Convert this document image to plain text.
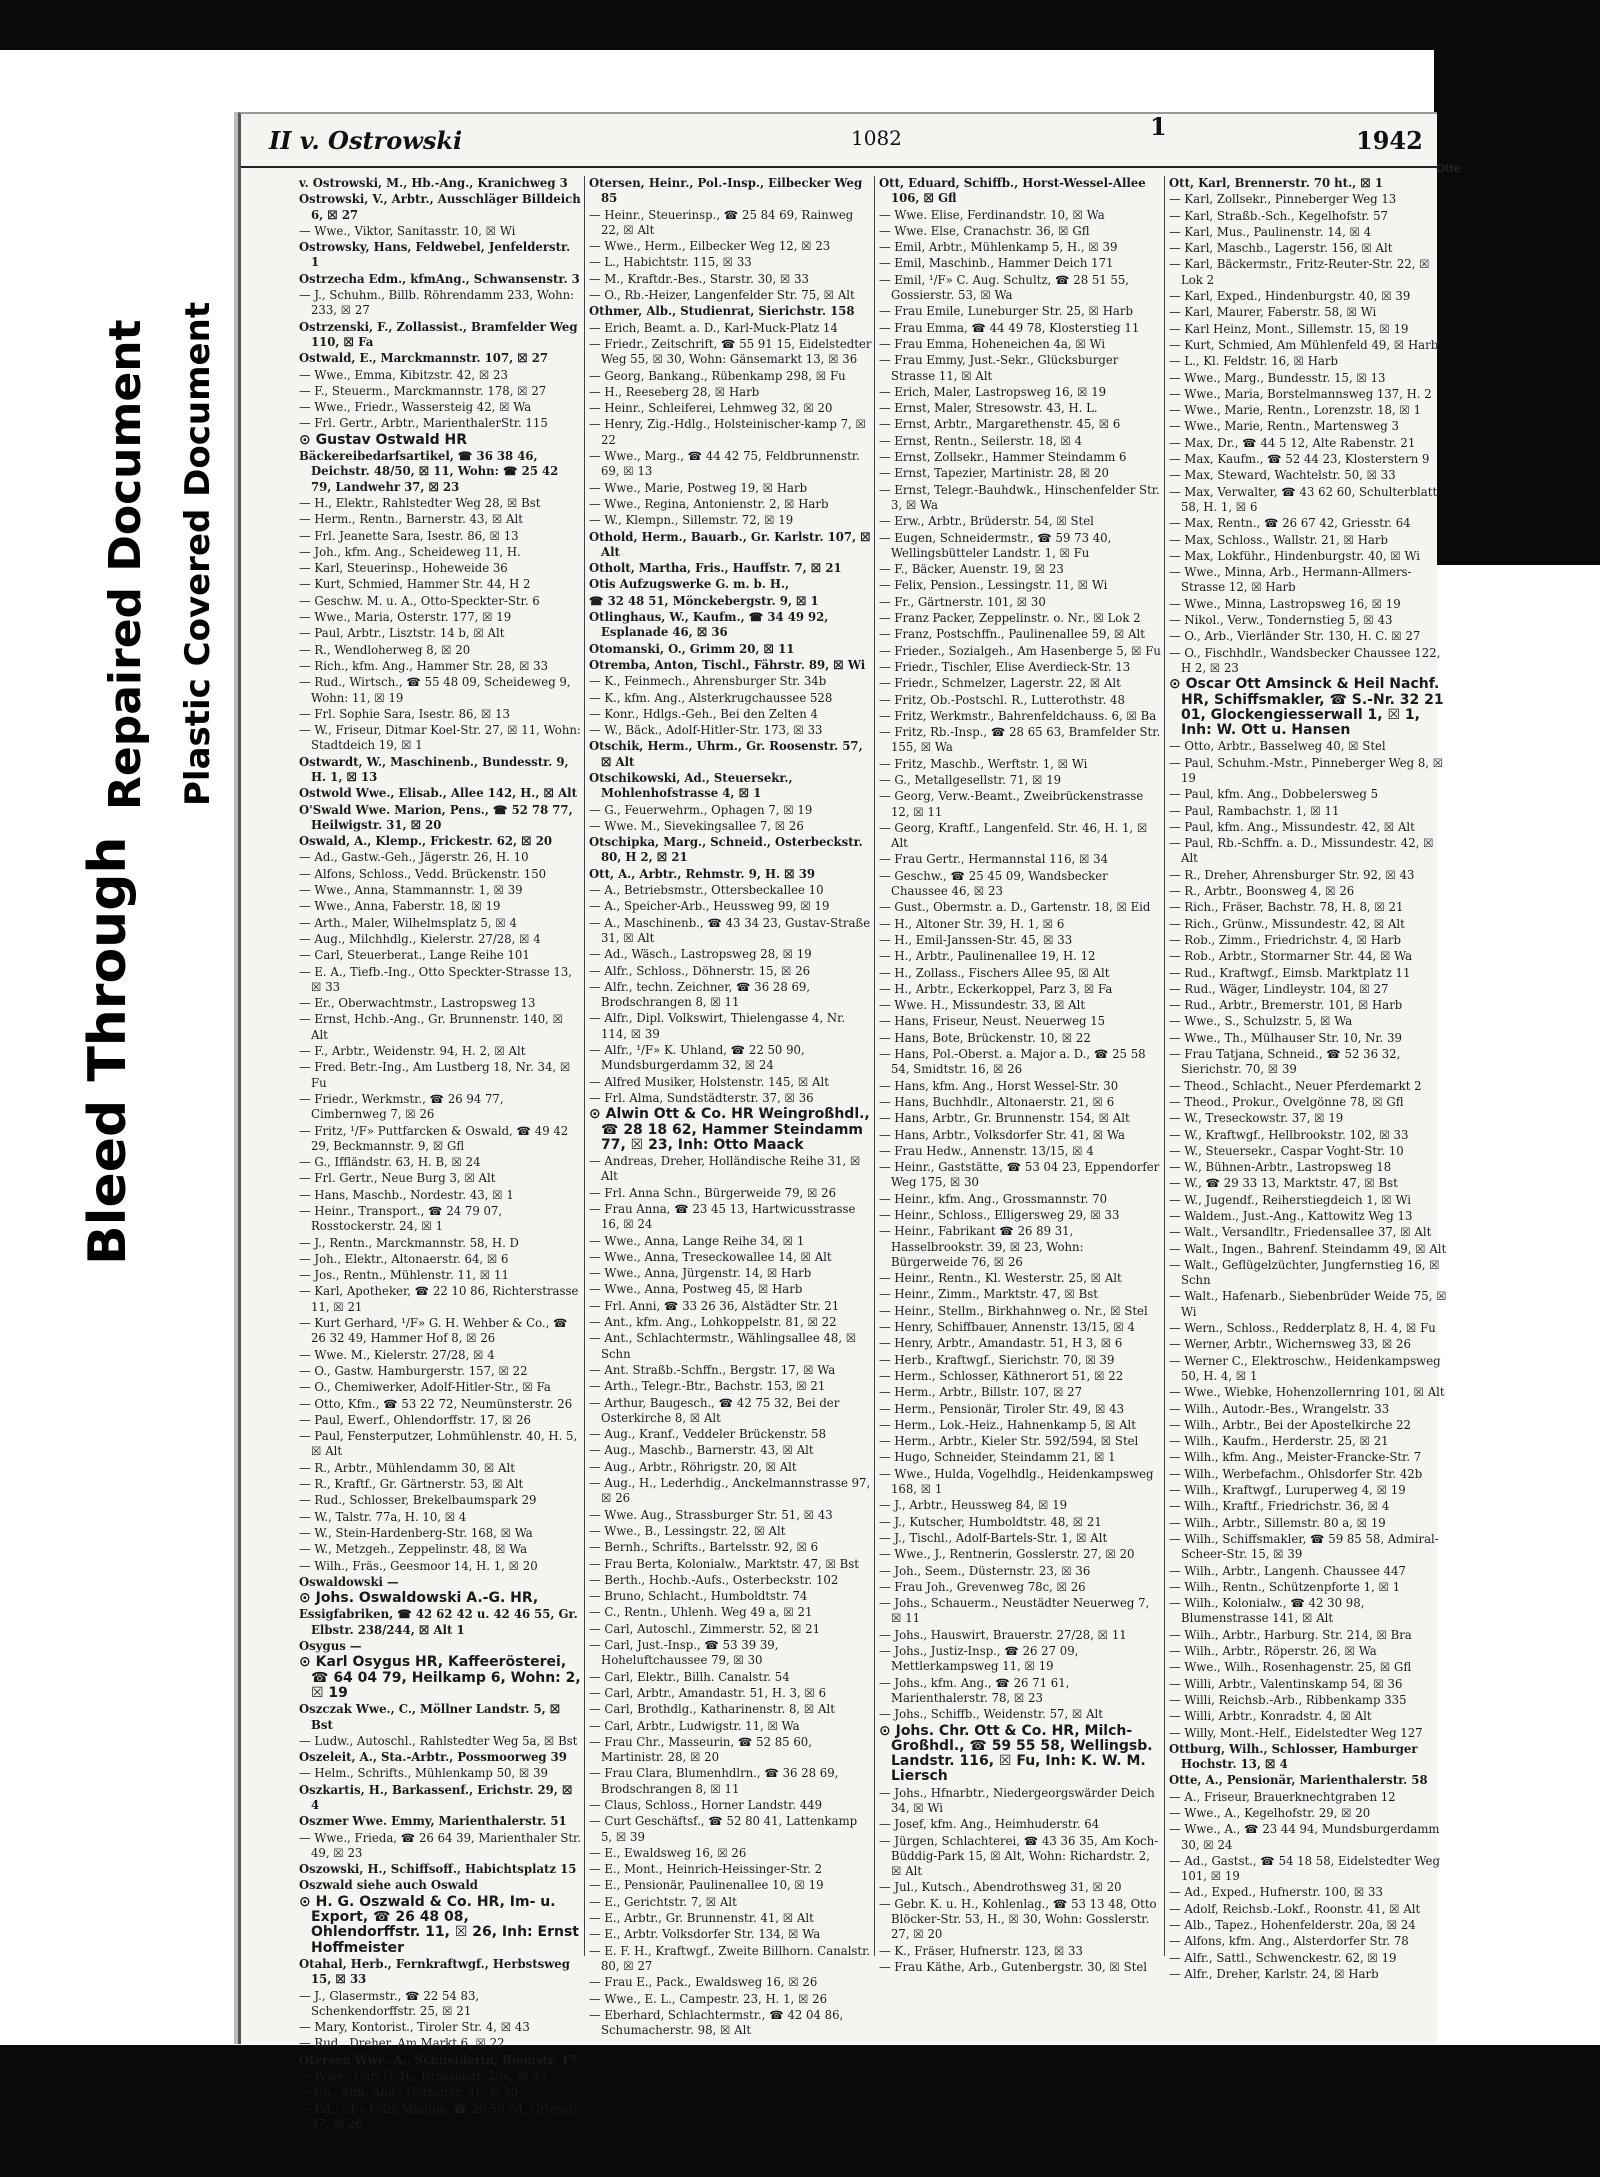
Bleed Through
Repaired Document Plastic Covered Document
II v. Ostrowski	1082	1942
v. Ostrowski, M., Hb.-Ang., Kranichweg 3
Ostrowski, V., Arbtr., Ausschläger Billdeich 6, ☒ 27
— Wwe., Viktor, Sanitasstr. 10, ☒ Wi
Ostrowsky, Hans, Feldwebel, Jenfelderstr. 1
Ostrzecha Edm., kfmAng., Schwansenstr. 3
— J., Schuhm., Billb. Röhrendamm 233, Wohn: 233, ☒ 27
Ostrzenski, F., Zollassist., Bramfelder Weg 110, ☒ Fa
Ostwald, E., Marckmannstr. 107, ☒ 27
— Wwe., Emma, Kibitzstr. 42, ☒ 23
— F., Steuerm., Marckmannstr. 178, ☒ 27
— Wwe., Friedr., Wassersteig 42, ☒ Wa
— Frl. Gertr., Arbtr., MarienthalerStr. 115
⊙ Gustav Ostwald HR
Bäckereibedarfsartikel, ☎ 36 38 46, Deichstr. 48/50, ☒ 11, Wohn: ☎ 25 42 79, Landwehr 37, ☒ 23
— H., Elektr., Rahlstedter Weg 28, ☒ Bst
— Herm., Rentn., Barnerstr. 43, ☒ Alt
— Frl. Jeanette Sara, Isestr. 86, ☒ 13
— Joh., kfm. Ang., Scheideweg 11, H.
— Karl, Steuerinsp., Hoheweide 36
— Kurt, Schmied, Hammer Str. 44, H 2
— Geschw. M. u. A., Otto-Speckter-Str. 6
— Wwe., Maria, Osterstr. 177, ☒ 19
— Paul, Arbtr., Lisztstr. 14 b, ☒ Alt
— R., Wendloherweg 8, ☒ 20
— Rich., kfm. Ang., Hammer Str. 28, ☒ 33
— Rud., Wirtsch., ☎ 55 48 09, Scheideweg 9, Wohn: 11, ☒ 19
— Frl. Sophie Sara, Isestr. 86, ☒ 13
— W., Friseur, Ditmar Koel-Str. 27, ☒ 11, Wohn: Stadtdeich 19, ☒ 1
Ostwardt, W., Maschinenb., Bundesstr. 9, H. 1, ☒ 13
Ostwold Wwe., Elisab., Allee 142, H., ☒ Alt
O'Swald Wwe. Marion, Pens., ☎ 52 78 77, Heilwigstr. 31, ☒ 20
Oswald, A., Klemp., Frickestr. 62, ☒ 20
— Ad., Gastw.-Geh., Jägerstr. 26, H. 10
— Alfons, Schloss., Vedd. Brückenstr. 150
— Wwe., Anna, Stammannstr. 1, ☒ 39
— Wwe., Anna, Faberstr. 18, ☒ 19
— Arth., Maler, Wilhelmsplatz 5, ☒ 4
— Aug., Milchhdlg., Kielerstr. 27/28, ☒ 4
— Carl, Steuerberat., Lange Reihe 101
— E. A., Tiefb.-Ing., Otto Speckter-Strasse 13, ☒ 33
— Er., Oberwachtmstr., Lastropsweg 13
— Ernst, Hchb.-Ang., Gr. Brunnenstr. 140, ☒ Alt
— F., Arbtr., Weidenstr. 94, H. 2, ☒ Alt
— Fred. Betr.-Ing., Am Lustberg 18, Nr. 34, ☒ Fu
— Friedr., Werkmstr., ☎ 26 94 77, Cimbernweg 7, ☒ 26
— Fritz, ¹/F» Puttfarcken & Oswald, ☎ 49 42 29, Beckmannstr. 9, ☒ Gfl
— G., Iffländstr. 63, H. B, ☒ 24
— Frl. Gertr., Neue Burg 3, ☒ Alt
— Hans, Maschb., Nordestr. 43, ☒ 1
— Heinr., Transport., ☎ 24 79 07, Rosstockerstr. 24, ☒ 1
— J., Rentn., Marckmannstr. 58, H. D
— Joh., Elektr., Altonaerstr. 64, ☒ 6
— Jos., Rentn., Mühlenstr. 11, ☒ 11
— Karl, Apotheker, ☎ 22 10 86, Richterstrasse 11, ☒ 21
— Kurt Gerhard, ¹/F» G. H. Wehber & Co., ☎ 26 32 49, Hammer Hof 8, ☒ 26
— Wwe. M., Kielerstr. 27/28, ☒ 4
— O., Gastw. Hamburgerstr. 157, ☒ 22
— O., Chemiwerker, Adolf-Hitler-Str., ☒ Fa
— Otto, Kfm., ☎ 53 22 72, Neumünsterstr. 26
— Paul, Ewerf., Ohlendorffstr. 17, ☒ 26
— Paul, Fensterputzer, Lohmühlenstr. 40, H. 5, ☒ Alt
— R., Arbtr., Mühlendamm 30, ☒ Alt
— R., Kraftf., Gr. Gärtnerstr. 53, ☒ Alt
— Rud., Schlosser, Brekelbaumspark 29
— W., Talstr. 77a, H. 10, ☒ 4
— W., Stein-Hardenberg-Str. 168, ☒ Wa
— W., Metzgeh., Zeppelinstr. 48, ☒ Wa
— Wilh., Fräs., Geesmoor 14, H. 1, ☒ 20
Oswaldowski —
⊙ Johs. Oswaldowski A.-G. HR,
Essigfabriken, ☎ 42 62 42 u. 42 46 55, Gr. Elbstr. 238/244, ☒ Alt 1
Osygus —
⊙ Karl Osygus HR, Kaffeerösterei, ☎ 64 04 79, Heilkamp 6, Wohn: 2, ☒ 19
Oszczak Wwe., C., Möllner Landstr. 5, ☒ Bst
— Ludw., Autoschl., Rahlstedter Weg 5a, ☒ Bst
Oszeleit, A., Sta.-Arbtr., Possmoorweg 39
— Helm., Schrifts., Mühlenkamp 50, ☒ 39
Oszkartis, H., Barkassenf., Erichstr. 29, ☒ 4
Oszmer Wwe. Emmy, Marienthalerstr. 51
— Wwe., Frieda, ☎ 26 64 39, Marienthaler Str. 49, ☒ 23
Oszowski, H., Schiffsoff., Habichtsplatz 15
Oszwald siehe auch Oswald
⊙ H. G. Oszwald & Co. HR, Im- u. Export, ☎ 26 48 08, Ohlendorffstr. 11, ☒ 26, Inh: Ernst Hoffmeister
Otahal, Herb., Fernkraftwgf., Herbstsweg 15, ☒ 33
— J., Glasermstr., ☎ 22 54 83, Schenkendorffstr. 25, ☒ 21
— Mary, Kontorist., Tiroler Str. 4, ☒ 43
— Rud., Dreher, Am Markt 6, ☒ 22
Otersen Wwe. A., Schneiderin, Roonstr. 17
— Wwe., Carl G. H., Drosselstr. 29a, ☒ 33
— Ch., kfm. Ang., Gertigstr. 31, ☒ 39
— Ed., ¹/F» Felix Mindus, ☎ 26 59 54, Griesstr. 47, ☒ 26
Otersen, Heinr., Pol.-Insp., Eilbecker Weg 85
— Heinr., Steuerinsp., ☎ 25 84 69, Rainweg 22, ☒ Alt
— Wwe., Herm., Eilbecker Weg 12, ☒ 23
— L., Habichtstr. 115, ☒ 33
— M., Kraftdr.-Bes., Starstr. 30, ☒ 33
— O., Rb.-Heizer, Langenfelder Str. 75, ☒ Alt
Othmer, Alb., Studienrat, Sierichstr. 158
— Erich, Beamt. a. D., Karl-Muck-Platz 14
— Friedr., Zeitschrift, ☎ 55 91 15, Eidelstedter Weg 55, ☒ 30, Wohn: Gänsemarkt 13, ☒ 36
— Georg, Bankang., Rübenkamp 298, ☒ Fu
— H., Reeseberg 28, ☒ Harb
— Heinr., Schleiferei, Lehmweg 32, ☒ 20
— Henry, Zig.-Hdlg., Holsteinischer-kamp 7, ☒ 22
— Wwe., Marg., ☎ 44 42 75, Feldbrunnenstr. 69, ☒ 13
— Wwe., Marie, Postweg 19, ☒ Harb
— Wwe., Regina, Antonienstr. 2, ☒ Harb
— W., Klempn., Sillemstr. 72, ☒ 19
Othold, Herm., Bauarb., Gr. Karlstr. 107, ☒ Alt
Otholt, Martha, Fris., Hauffstr. 7, ☒ 21
Otis Aufzugswerke G. m. b. H.,
☎ 32 48 51, Mönckebergstr. 9, ☒ 1
Otlinghaus, W., Kaufm., ☎ 34 49 92, Esplanade 46, ☒ 36
Otomanski, O., Grimm 20, ☒ 11
Otremba, Anton, Tischl., Fährstr. 89, ☒ Wi
— K., Feinmech., Ahrensburger Str. 34b
— K., kfm. Ang., Alsterkrugchaussee 528
— Konr., Hdlgs.-Geh., Bei den Zelten 4
— W., Bäck., Adolf-Hitler-Str. 173, ☒ 33
Otschik, Herm., Uhrm., Gr. Roosenstr. 57, ☒ Alt
Otschikowski, Ad., Steuersekr., Mohlenhofstrasse 4, ☒ 1
— G., Feuerwehrm., Ophagen 7, ☒ 19
— Wwe. M., Sievekingsallee 7, ☒ 26
Otschipka, Marg., Schneid., Osterbeckstr. 80, H 2, ☒ 21
Ott, A., Arbtr., Rehmstr. 9, H. ☒ 39
— A., Betriebsmstr., Ottersbeckallee 10
— A., Speicher-Arb., Heussweg 99, ☒ 19
— A., Maschinenb., ☎ 43 34 23, Gustav-Straße 31, ☒ Alt
— Ad., Wäsch., Lastropsweg 28, ☒ 19
— Alfr., Schloss., Döhnerstr. 15, ☒ 26
— Alfr., techn. Zeichner, ☎ 36 28 69, Brodschrangen 8, ☒ 11
— Alfr., Dipl. Volkswirt, Thielengasse 4, Nr. 114, ☒ 39
— Alfr., ¹/F» K. Uhland, ☎ 22 50 90, Mundsburgerdamm 32, ☒ 24
— Alfred Musiker, Holstenstr. 145, ☒ Alt
— Frl. Alma, Sundstädterstr. 37, ☒ 36
⊙ Alwin Ott & Co. HR Weingroßhdl., ☎ 28 18 62, Hammer Steindamm 77, ☒ 23, Inh: Otto Maack
— Andreas, Dreher, Holländische Reihe 31, ☒ Alt
— Frl. Anna Schn., Bürgerweide 79, ☒ 26
— Frau Anna, ☎ 23 45 13, Hartwicusstrasse 16, ☒ 24
— Wwe., Anna, Lange Reihe 34, ☒ 1
— Wwe., Anna, Treseckowallee 14, ☒ Alt
— Wwe., Anna, Jürgenstr. 14, ☒ Harb
— Wwe., Anna, Postweg 45, ☒ Harb
— Frl. Anni, ☎ 33 26 36, Alstädter Str. 21
— Ant., kfm. Ang., Lohkoppelstr. 81, ☒ 22
— Ant., Schlachtermstr., Wählingsallee 48, ☒ Schn
— Ant. Straßb.-Schffn., Bergstr. 17, ☒ Wa
— Arth., Telegr.-Btr., Bachstr. 153, ☒ 21
— Arthur, Baugesch., ☎ 42 75 32, Bei der Osterkirche 8, ☒ Alt
— Aug., Kranf., Veddeler Brückenstr. 58
— Aug., Maschb., Barnerstr. 43, ☒ Alt
— Aug., Arbtr., Röhrigstr. 20, ☒ Alt
— Aug., H., Lederhdig., Anckelmannstrasse 97, ☒ 26
— Wwe. Aug., Strassburger Str. 51, ☒ 43
— Wwe., B., Lessingstr. 22, ☒ Alt
— Bernh., Schrifts., Bartelsstr. 92, ☒ 6
— Frau Berta, Kolonialw., Marktstr. 47, ☒ Bst
— Berth., Hochb.-Aufs., Osterbeckstr. 102
— Bruno, Schlacht., Humboldtstr. 74
— C., Rentn., Uhlenh. Weg 49 a, ☒ 21
— Carl, Autoschl., Zimmerstr. 52, ☒ 21
— Carl, Just.-Insp., ☎ 53 39 39, Hoheluftchaussee 79, ☒ 30
— Carl, Elektr., Billh. Canalstr. 54
— Carl, Arbtr., Amandastr. 51, H. 3, ☒ 6
— Carl, Brothdlg., Katharinenstr. 8, ☒ Alt
— Carl, Arbtr., Ludwigstr. 11, ☒ Wa
— Frau Chr., Masseurin, ☎ 52 85 60, Martinistr. 28, ☒ 20
— Frau Clara, Blumenhdlrn., ☎ 36 28 69, Brodschrangen 8, ☒ 11
— Claus, Schloss., Horner Landstr. 449
— Curt Geschäftsf., ☎ 52 80 41, Lattenkamp 5, ☒ 39
— E., Ewaldsweg 16, ☒ 26
— E., Mont., Heinrich-Heissinger-Str. 2
— E., Pensionär, Paulinenallee 10, ☒ 19
— E., Gerichtstr. 7, ☒ Alt
— E., Arbtr., Gr. Brunnenstr. 41, ☒ Alt
— E., Arbtr. Volksdorfer Str. 134, ☒ Wa
— E. F. H., Kraftwgf., Zweite Billhorn. Canalstr. 80, ☒ 27
— Frau E., Pack., Ewaldsweg 16, ☒ 26
— Wwe., E. L., Campestr. 23, H. 1, ☒ 26
— Eberhard, Schlachtermstr., ☎ 42 04 86, Schumacherstr. 98, ☒ Alt
Ott, Eduard, Schiffb., Horst-Wessel-Allee 106, ☒ Gfl
— Wwe. Elise, Ferdinandstr. 10, ☒ Wa
— Wwe. Else, Cranachstr. 36, ☒ Gfl
— Emil, Arbtr., Mühlenkamp 5, H., ☒ 39
— Emil, Maschinb., Hammer Deich 171
— Emil, ¹/F» C. Aug. Schultz, ☎ 28 51 55, Gossierstr. 53, ☒ Wa
— Frau Emile, Luneburger Str. 25, ☒ Harb
— Frau Emma, ☎ 44 49 78, Klosterstieg 11
— Frau Emma, Hoheneichen 4a, ☒ Wi
— Frau Emmy, Just.-Sekr., Glücksburger Strasse 11, ☒ Alt
— Erich, Maler, Lastropsweg 16, ☒ 19
— Ernst, Maler, Stresowstr. 43, H. L.
— Ernst, Arbtr., Margarethenstr. 45, ☒ 6
— Ernst, Rentn., Seilerstr. 18, ☒ 4
— Ernst, Zollsekr., Hammer Steindamm 6
— Ernst, Tapezier, Martinistr. 28, ☒ 20
— Ernst, Telegr.-Bauhdwk., Hinschenfelder Str. 3, ☒ Wa
— Erw., Arbtr., Brüderstr. 54, ☒ Stel
— Eugen, Schneidermstr., ☎ 59 73 40, Wellingsbütteler Landstr. 1, ☒ Fu
— F., Bäcker, Auenstr. 19, ☒ 23
— Felix, Pension., Lessingstr. 11, ☒ Wi
— Fr., Gärtnerstr. 101, ☒ 30
— Franz Packer, Zeppelinstr. o. Nr., ☒ Lok 2
— Franz, Postschffn., Paulinenallee 59, ☒ Alt
— Frieder., Sozialgeh., Am Hasenberge 5, ☒ Fu
— Friedr., Tischler, Elise Averdieck-Str. 13
— Friedr., Schmelzer, Lagerstr. 22, ☒ Alt
— Fritz, Ob.-Postschl. R., Lutterothstr. 48
— Fritz, Werkmstr., Bahrenfeldchauss. 6, ☒ Ba
— Fritz, Rb.-Insp., ☎ 28 65 63, Bramfelder Str. 155, ☒ Wa
— Fritz, Maschb., Werftstr. 1, ☒ Wi
— G., Metallgesellstr. 71, ☒ 19
— Georg, Verw.-Beamt., Zweibrückenstrasse 12, ☒ 11
— Georg, Kraftf., Langenfeld. Str. 46, H. 1, ☒ Alt
— Frau Gertr., Hermannstal 116, ☒ 34
— Geschw., ☎ 25 45 09, Wandsbecker Chaussee 46, ☒ 23
— Gust., Obermstr. a. D., Gartenstr. 18, ☒ Eid
— H., Altoner Str. 39, H. 1, ☒ 6
— H., Emil-Janssen-Str. 45, ☒ 33
— H., Arbtr., Paulinenallee 19, H. 12
— H., Zollass., Fischers Allee 95, ☒ Alt
— H., Arbtr., Eckerkoppel, Parz 3, ☒ Fa
— Wwe. H., Missundestr. 33, ☒ Alt
— Hans, Friseur, Neust. Neuerweg 15
— Hans, Bote, Brückenstr. 10, ☒ 22
— Hans, Pol.-Oberst. a. Major a. D., ☎ 25 58 54, Smidtstr. 16, ☒ 26
— Hans, kfm. Ang., Horst Wessel-Str. 30
— Hans, Buchhdlr., Altonaerstr. 21, ☒ 6
— Hans, Arbtr., Gr. Brunnenstr. 154, ☒ Alt
— Hans, Arbtr., Volksdorfer Str. 41, ☒ Wa
— Frau Hedw., Annenstr. 13/15, ☒ 4
— Heinr., Gaststätte, ☎ 53 04 23, Eppendorfer Weg 175, ☒ 30
— Heinr., kfm. Ang., Grossmannstr. 70
— Heinr., Schloss., Elligersweg 29, ☒ 33
— Heinr., Fabrikant ☎ 26 89 31, Hasselbrookstr. 39, ☒ 23, Wohn: Bürgerweide 76, ☒ 26
— Heinr., Rentn., Kl. Westerstr. 25, ☒ Alt
— Heinr., Zimm., Marktstr. 47, ☒ Bst
— Heinr., Stellm., Birkhahnweg o. Nr., ☒ Stel
— Henry, Schiffbauer, Annenstr. 13/15, ☒ 4
— Henry, Arbtr., Amandastr. 51, H 3, ☒ 6
— Herb., Kraftwgf., Sierichstr. 70, ☒ 39
— Herm., Schlosser, Käthnerort 51, ☒ 22
— Herm., Arbtr., Billstr. 107, ☒ 27
— Herm., Pensionär, Tiroler Str. 49, ☒ 43
— Herm., Lok.-Heiz., Hahnenkamp 5, ☒ Alt
— Herm., Arbtr., Kieler Str. 592/594, ☒ Stel
— Hugo, Schneider, Steindamm 21, ☒ 1
— Wwe., Hulda, Vogelhdlg., Heidenkampsweg 168, ☒ 1
— J., Arbtr., Heussweg 84, ☒ 19
— J., Kutscher, Humboldtstr. 48, ☒ 21
— J., Tischl., Adolf-Bartels-Str. 1, ☒ Alt
— Wwe., J., Rentnerin, Gosslerstr. 27, ☒ 20
— Joh., Seem., Düsternstr. 23, ☒ 36
— Frau Joh., Grevenweg 78c, ☒ 26
— Johs., Schauerm., Neustädter Neuerweg 7, ☒ 11
— Johs., Hauswirt, Brauerstr. 27/28, ☒ 11
— Johs., Justiz-Insp., ☎ 26 27 09, Mettlerkampsweg 11, ☒ 19
— Johs., kfm. Ang., ☎ 26 71 61, Marienthalerstr. 78, ☒ 23
— Johs., Schiffb., Weidenstr. 57, ☒ Alt
⊙ Johs. Chr. Ott & Co. HR, Milch-Großhdl., ☎ 59 55 58, Wellingsb. Landstr. 116, ☒ Fu, Inh: K. W. M. Liersch
— Johs., Hfnarbtr., Niedergeorgswärder Deich 34, ☒ Wi
— Josef, kfm. Ang., Heimhuderstr. 64
— Jürgen, Schlachterei, ☎ 43 36 35, Am Koch-Büddig-Park 15, ☒ Alt, Wohn: Richardstr. 2, ☒ Alt
— Jul., Kutsch., Abendrothsweg 31, ☒ 20
— Gebr. K. u. H., Kohlenlag., ☎ 53 13 48, Otto Blöcker-Str. 53, H., ☒ 30, Wohn: Gosslerstr. 27, ☒ 20
— K., Fräser, Hufnerstr. 123, ☒ 33
— Frau Käthe, Arb., Gutenbergstr. 30, ☒ Stel
Ott, Karl, Brennerstr. 70 ht., ☒ 1
— Karl, Zollsekr., Pinneberger Weg 13
— Karl, Straßb.-Sch., Kegelhofstr. 57
— Karl, Mus., Paulinenstr. 14, ☒ 4
— Karl, Maschb., Lagerstr. 156, ☒ Alt
— Karl, Bäckermstr., Fritz-Reuter-Str. 22, ☒ Lok 2
— Karl, Exped., Hindenburgstr. 40, ☒ 39
— Karl, Maurer, Faberstr. 58, ☒ Wi
— Karl Heinz, Mont., Sillemstr. 15, ☒ 19
— Kurt, Schmied, Am Mühlenfeld 49, ☒ Harb
— L., Kl. Feldstr. 16, ☒ Harb
— Wwe., Marg., Bundesstr. 15, ☒ 13
— Wwe., Maria, Borstelmannsweg 137, H. 2
— Wwe., Marie, Rentn., Lorenzstr. 18, ☒ 1
— Wwe., Marie, Rentn., Martensweg 3
— Max, Dr., ☎ 44 5 12, Alte Rabenstr. 21
— Max, Kaufm., ☎ 52 44 23, Klosterstern 9
— Max, Steward, Wachtelstr. 50, ☒ 33
— Max, Verwalter, ☎ 43 62 60, Schulterblatt 58, H. 1, ☒ 6
— Max, Rentn., ☎ 26 67 42, Griesstr. 64
— Max, Schloss., Wallstr. 21, ☒ Harb
— Max, Lokführ., Hindenburgstr. 40, ☒ Wi
— Wwe., Minna, Arb., Hermann-Allmers-Strasse 12, ☒ Harb
— Wwe., Minna, Lastropsweg 16, ☒ 19
— Nikol., Verw., Tondernstieg 5, ☒ 43
— O., Arb., Vierländer Str. 130, H. C. ☒ 27
— O., Fischhdlr., Wandsbecker Chaussee 122, H 2, ☒ 23
⊙ Oscar Ott Amsinck & Heil Nachf. HR, Schiffsmakler, ☎ S.-Nr. 32 21 01, Glockengiesserwall 1, ☒ 1, Inh: W. Ott u. Hansen
— Otto, Arbtr., Basselweg 40, ☒ Stel
— Paul, Schuhm.-Mstr., Pinneberger Weg 8, ☒ 19
— Paul, kfm. Ang., Dobbelersweg 5
— Paul, Rambachstr. 1, ☒ 11
— Paul, kfm. Ang., Missundestr. 42, ☒ Alt
— Paul, Rb.-Schffn. a. D., Missundestr. 42, ☒ Alt
— R., Dreher, Ahrensburger Str. 92, ☒ 43
— R., Arbtr., Boonsweg 4, ☒ 26
— Rich., Fräser, Bachstr. 78, H. 8, ☒ 21
— Rich., Grünw., Missundestr. 42, ☒ Alt
— Rob., Zimm., Friedrichstr. 4, ☒ Harb
— Rob., Arbtr., Stormarner Str. 44, ☒ Wa
— Rud., Kraftwgf., Eimsb. Marktplatz 11
— Rud., Wäger, Lindleystr. 104, ☒ 27
— Rud., Arbtr., Bremerstr. 101, ☒ Harb
— Wwe., S., Schulzstr. 5, ☒ Wa
— Wwe., Th., Mülhauser Str. 10, Nr. 39
— Frau Tatjana, Schneid., ☎ 52 36 32, Sierichstr. 70, ☒ 39
— Theod., Schlacht., Neuer Pferdemarkt 2
— Theod., Prokur., Ovelgönne 78, ☒ Gfl
— W., Treseckowstr. 37, ☒ 19
— W., Kraftwgf., Hellbrookstr. 102, ☒ 33
— W., Steuersekr., Caspar Voght-Str. 10
— W., Bühnen-Arbtr., Lastropsweg 18
— W., ☎ 29 33 13, Marktstr. 47, ☒ Bst
— W., Jugendf., Reiherstiegdeich 1, ☒ Wi
— Waldem., Just.-Ang., Kattowitz Weg 13
— Walt., Versandltr., Friedensallee 37, ☒ Alt
— Walt., Ingen., Bahrenf. Steindamm 49, ☒ Alt
— Walt., Geflügelzüchter, Jungfernstieg 16, ☒ Schn
— Walt., Hafenarb., Siebenbrüder Weide 75, ☒ Wi
— Wern., Schloss., Redderplatz 8, H. 4, ☒ Fu
— Werner, Arbtr., Wichernsweg 33, ☒ 26
— Werner C., Elektroschw., Heidenkampsweg 50, H. 4, ☒ 1
— Wwe., Wiebke, Hohenzollernring 101, ☒ Alt
— Wilh., Autodr.-Bes., Wrangelstr. 33
— Wilh., Arbtr., Bei der Apostelkirche 22
— Wilh., Kaufm., Herderstr. 25, ☒ 21
— Wilh., kfm. Ang., Meister-Francke-Str. 7
— Wilh., Werbefachm., Ohlsdorfer Str. 42b
— Wilh., Kraftwgf., Luruperweg 4, ☒ 19
— Wilh., Kraftf., Friedrichstr. 36, ☒ 4
— Wilh., Arbtr., Sillemstr. 80 a, ☒ 19
— Wilh., Schiffsmakler, ☎ 59 85 58, Admiral-Scheer-Str. 15, ☒ 39
— Wilh., Arbtr., Langenh. Chaussee 447
— Wilh., Rentn., Schützenpforte 1, ☒ 1
— Wilh., Kolonialw., ☎ 42 30 98, Blumenstrasse 141, ☒ Alt
— Wilh., Arbtr., Harburg. Str. 214, ☒ Bra
— Wilh., Arbtr., Röperstr. 26, ☒ Wa
— Wwe., Wilh., Rosenhagenstr. 25, ☒ Gfl
— Willi, Arbtr., Valentinskamp 54, ☒ 36
— Willi, Reichsb.-Arb., Ribbenkamp 335
— Willi, Arbtr., Konradstr. 4, ☒ Alt
— Willy, Mont.-Helf., Eidelstedter Weg 127
Ottburg, Wilh., Schlosser, Hamburger Hochstr. 13, ☒ 4
Otte, A., Pensionär, Marienthalerstr. 58
— A., Friseur, Brauerknechtgraben 12
— Wwe., A., Kegelhofstr. 29, ☒ 20
— Wwe., A., ☎ 23 44 94, Mundsburgerdamm 30, ☒ 24
— Ad., Gastst., ☎ 54 18 58, Eidelstedter Weg 101, ☒ 19
— Ad., Exped., Hufnerstr. 100, ☒ 33
— Adolf, Reichsb.-Lokf., Roonstr. 41, ☒ Alt
— Alb., Tapez., Hohenfelderstr. 20a, ☒ 24
— Alfons, kfm. Ang., Alsterdorfer Str. 78
— Alfr., Sattl., Schwenckestr. 62, ☒ 19
— Alfr., Dreher, Karlstr. 24, ☒ Harb
1
Otte
